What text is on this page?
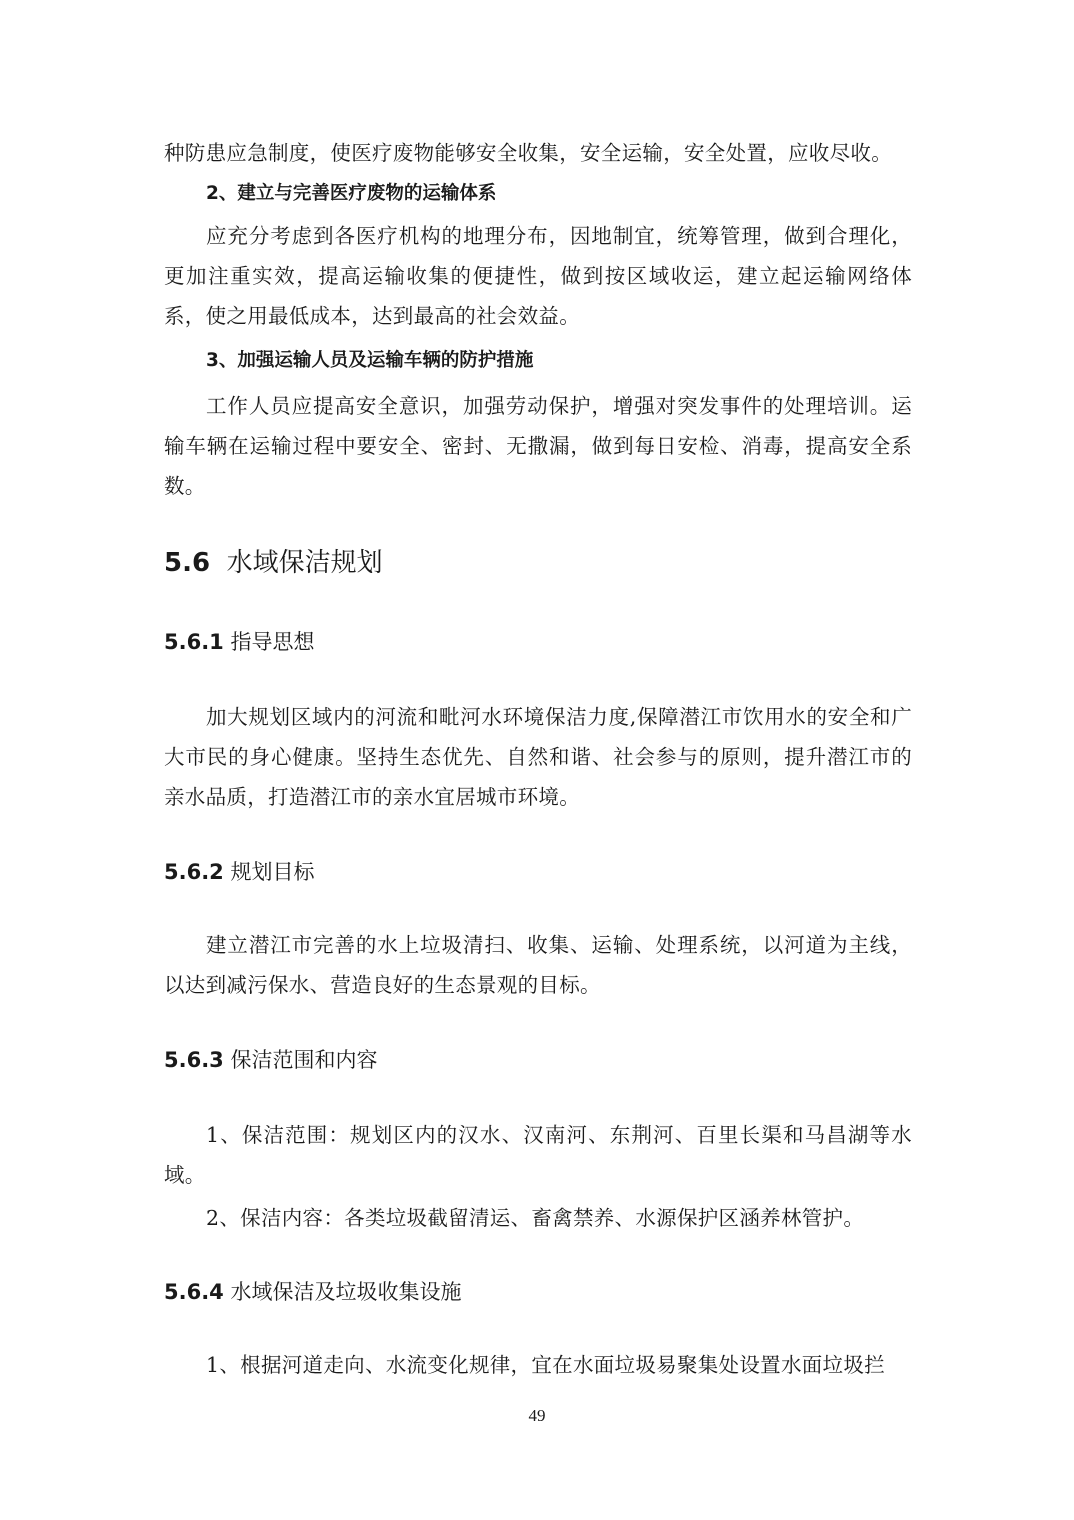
种防患应急制度，使医疗废物能够安全收集，安全运输，安全处置，应收尽收。

2、建立与完善医疗废物的运输体系

应充分考虑到各医疗机构的地理分布，因地制宜，统筹管理，做到合理化，更加注重实效，提高运输收集的便捷性，做到按区域收运，建立起运输网络体系，使之用最低成本，达到最高的社会效益。

3、加强运输人员及运输车辆的防护措施

工作人员应提高安全意识，加强劳动保护，增强对突发事件的处理培训。运输车辆在运输过程中要安全、密封、无撒漏，做到每日安检、消毒，提高安全系数。

5.6 水域保洁规划

5.6.1 指导思想

加大规划区域内的河流和毗河水环境保洁力度,保障潜江市饮用水的安全和广大市民的身心健康。坚持生态优先、自然和谐、社会参与的原则，提升潜江市的亲水品质，打造潜江市的亲水宜居城市环境。

5.6.2 规划目标

建立潜江市完善的水上垃圾清扫、收集、运输、处理系统，以河道为主线，以达到减污保水、营造良好的生态景观的目标。

5.6.3 保洁范围和内容

1、保洁范围：规划区内的汉水、汉南河、东荆河、百里长渠和马昌湖等水域。

2、保洁内容：各类垃圾截留清运、畜禽禁养、水源保护区涵养林管护。

5.6.4 水域保洁及垃圾收集设施

1、根据河道走向、水流变化规律，宜在水面垃圾易聚集处设置水面垃圾拦

49
